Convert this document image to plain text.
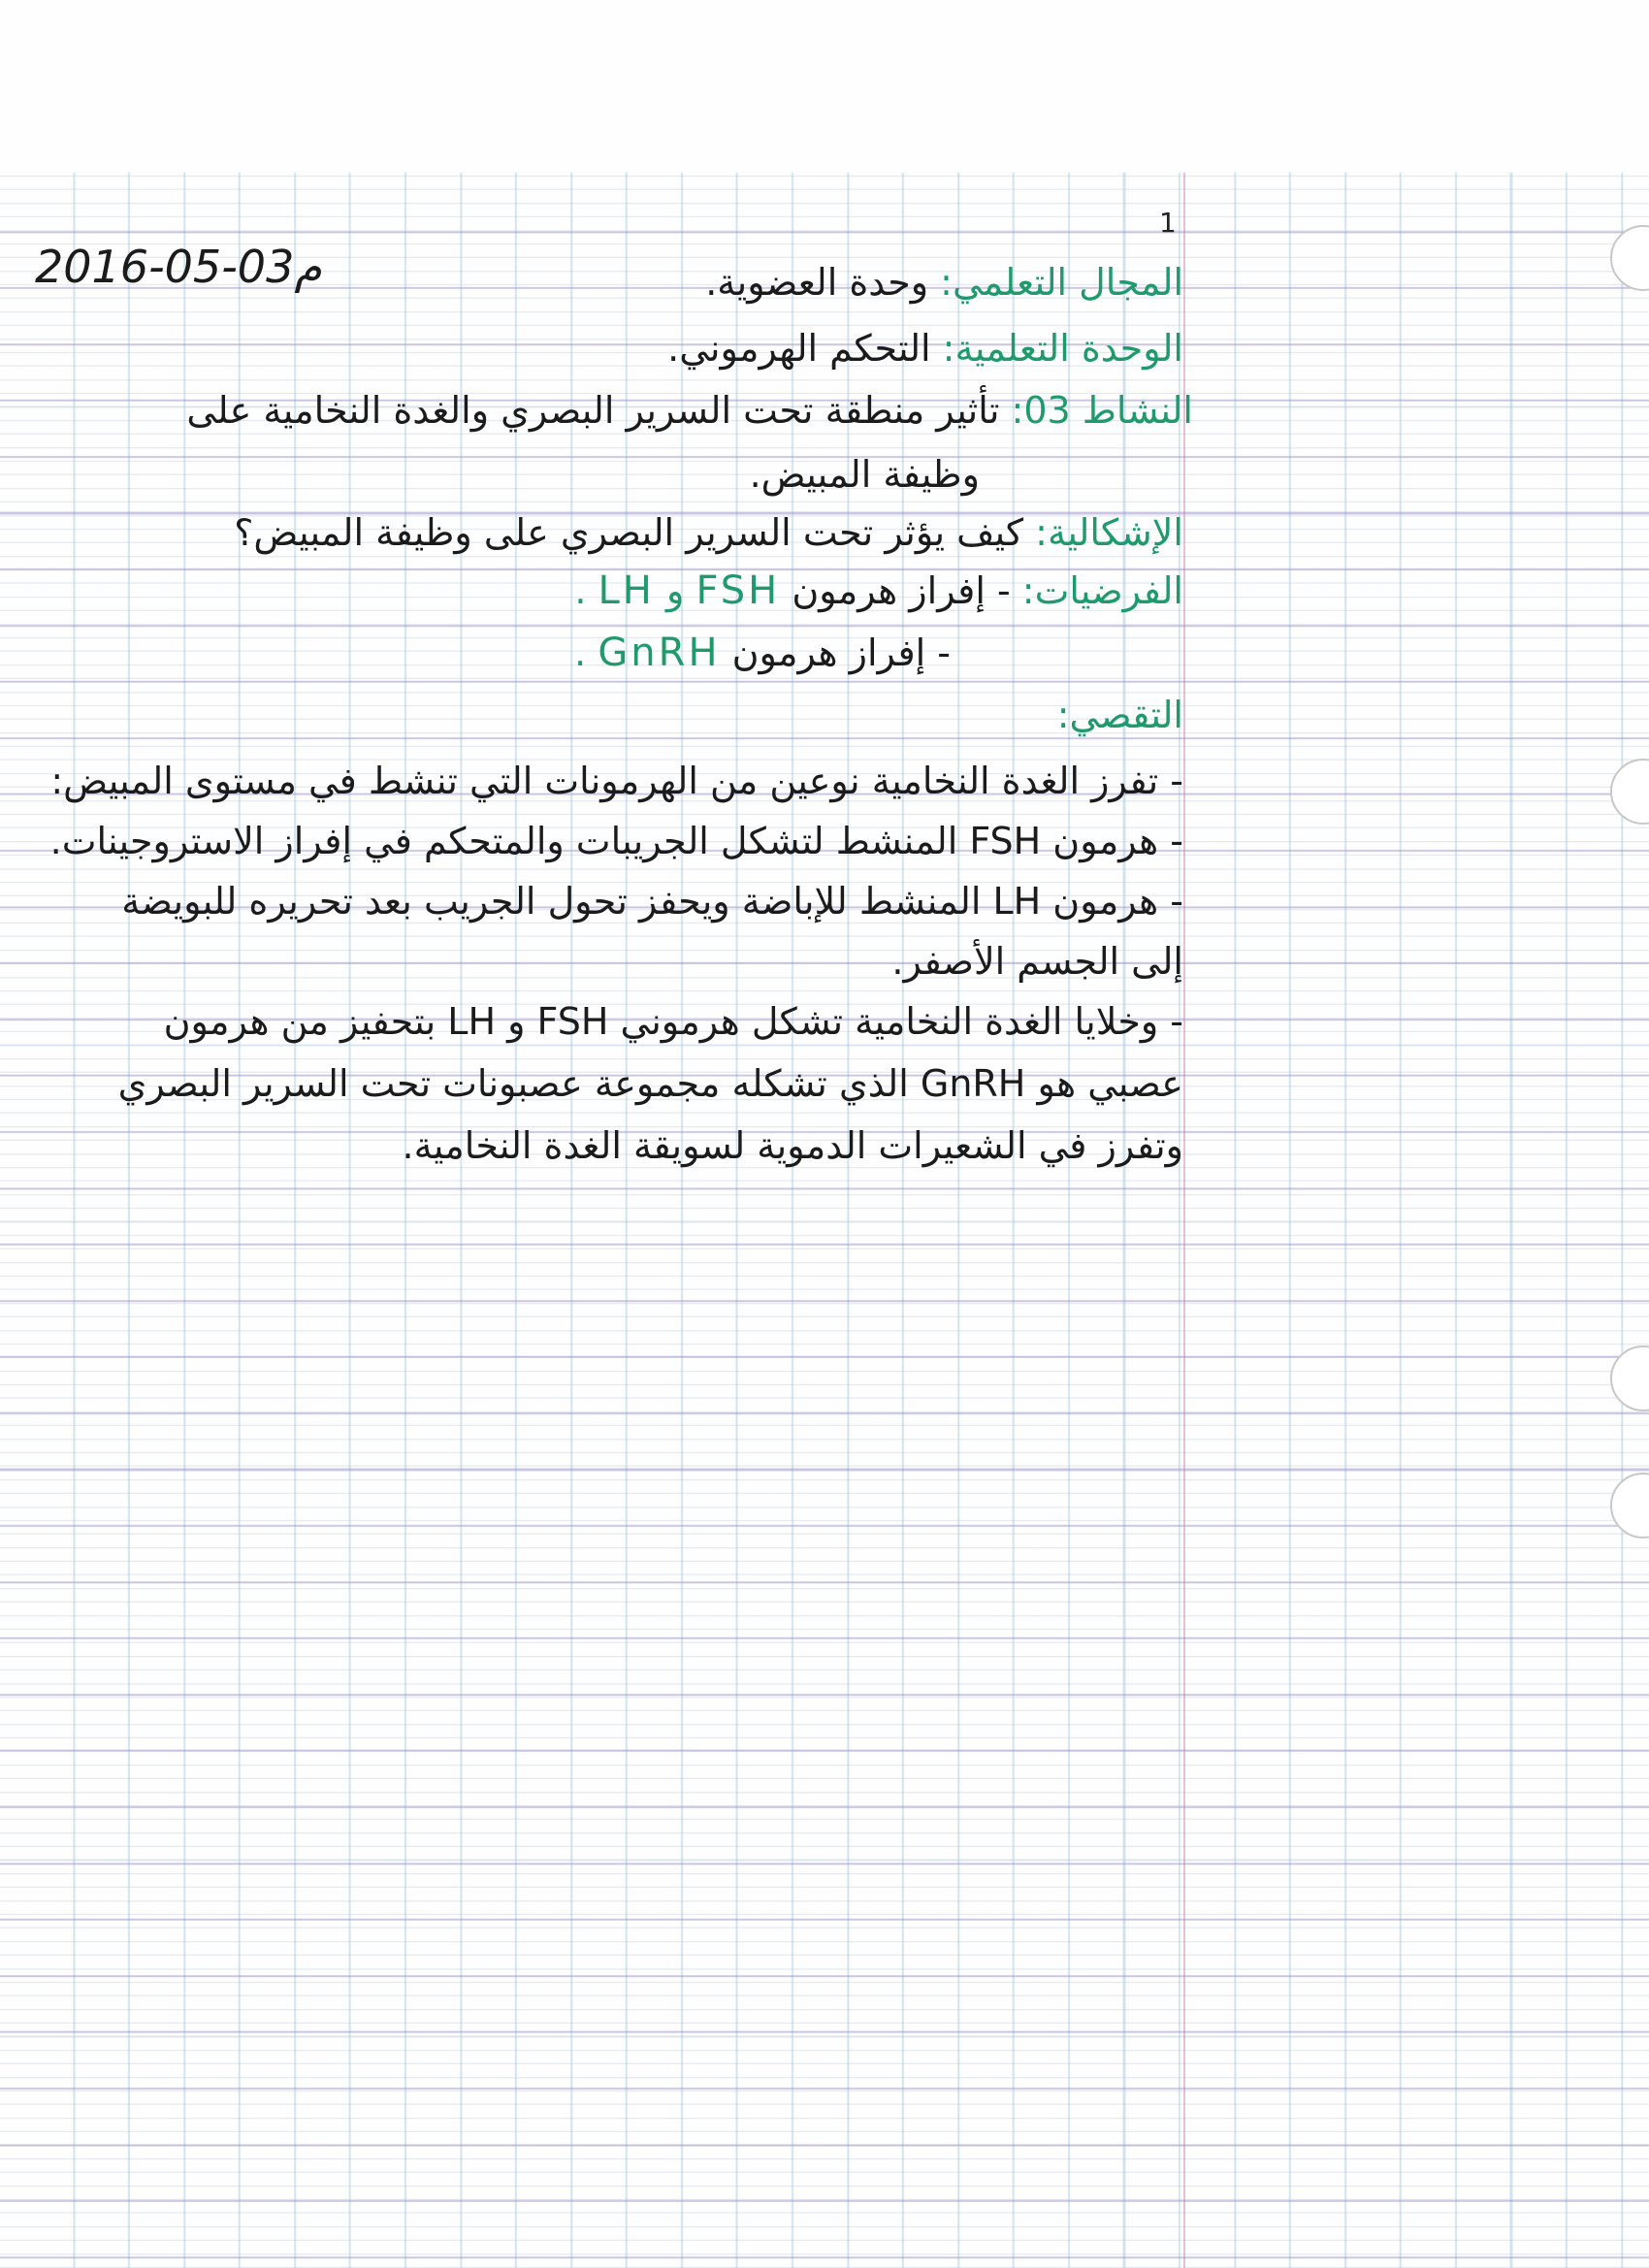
1
2016-05-03م	المجال التعلمي: وحدة العضوية.
الوحدة التعلمية: التحكم الهرموني.
النشاط 03: تأثير منطقة تحت السرير البصري والغدة النخامية على
وظيفة المبيض.
الإشكالية: كيف يؤثر تحت السرير البصري على وظيفة المبيض؟
الفرضيات: - إفراز هرمون FSH و LH .
- إفراز هرمون GnRH .
التقصي:
- تفرز الغدة النخامية نوعين من الهرمونات التي تنشط في مستوى المبيض:
- هرمون FSH المنشط لتشكل الجريبات والمتحكم في إفراز الاستروجينات.
- هرمون LH المنشط للإباضة ويحفز تحول الجريب بعد تحريره للبويضة
إلى الجسم الأصفر.
- وخلايا الغدة النخامية تشكل هرموني FSH و LH بتحفيز من هرمون
عصبي هو GnRH الذي تشكله مجموعة عصبونات تحت السرير البصري
وتفرز في الشعيرات الدموية لسويقة الغدة النخامية.
